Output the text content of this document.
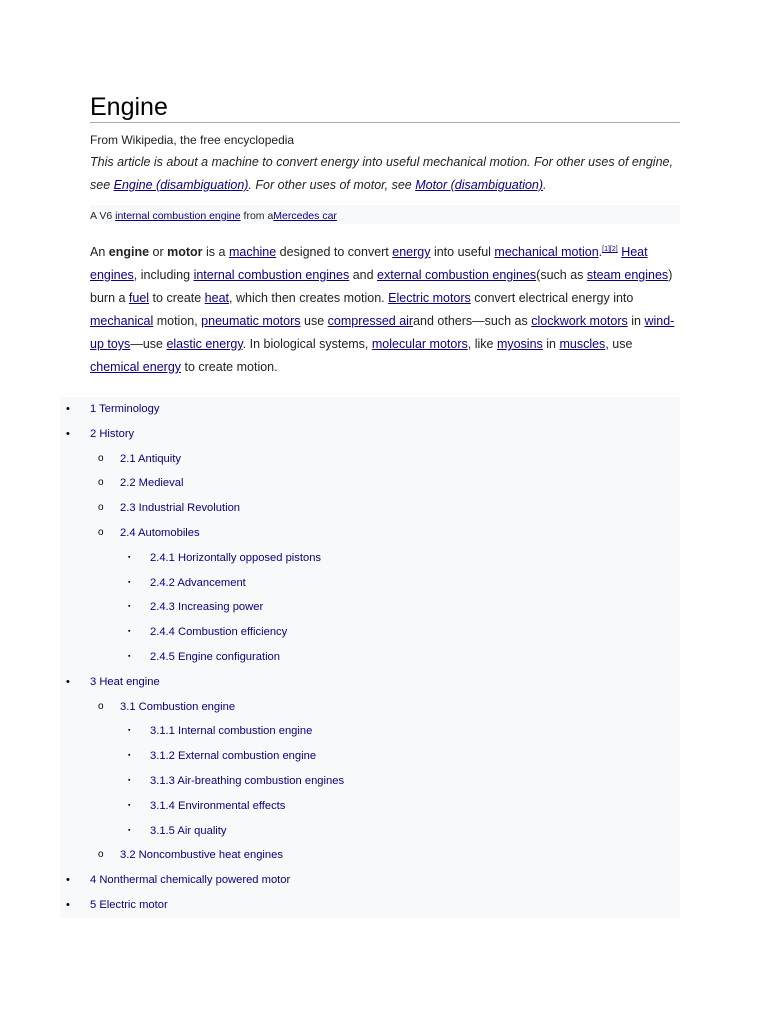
Engine
From Wikipedia, the free encyclopedia
This article is about a machine to convert energy into useful mechanical motion. For other uses of engine, see Engine (disambiguation). For other uses of motor, see Motor (disambiguation).
A V6 internal combustion engine from aMercedes car
An engine or motor is a machine designed to convert energy into useful mechanical motion.[1][2] Heat engines, including internal combustion engines and external combustion engines(such as steam engines) burn a fuel to create heat, which then creates motion. Electric motors convert electrical energy into mechanical motion, pneumatic motors use compressed airand others—such as clockwork motors in wind-up toys—use elastic energy. In biological systems, molecular motors, like myosins in muscles, use chemical energy to create motion.
• 1 Terminology
• 2 History
o 2.1 Antiquity
o 2.2 Medieval
o 2.3 Industrial Revolution
o 2.4 Automobiles
▪ 2.4.1 Horizontally opposed pistons
▪ 2.4.2 Advancement
▪ 2.4.3 Increasing power
▪ 2.4.4 Combustion efficiency
▪ 2.4.5 Engine configuration
• 3 Heat engine
o 3.1 Combustion engine
▪ 3.1.1 Internal combustion engine
▪ 3.1.2 External combustion engine
▪ 3.1.3 Air-breathing combustion engines
▪ 3.1.4 Environmental effects
▪ 3.1.5 Air quality
o 3.2 Noncombustive heat engines
• 4 Nonthermal chemically powered motor
• 5 Electric motor
